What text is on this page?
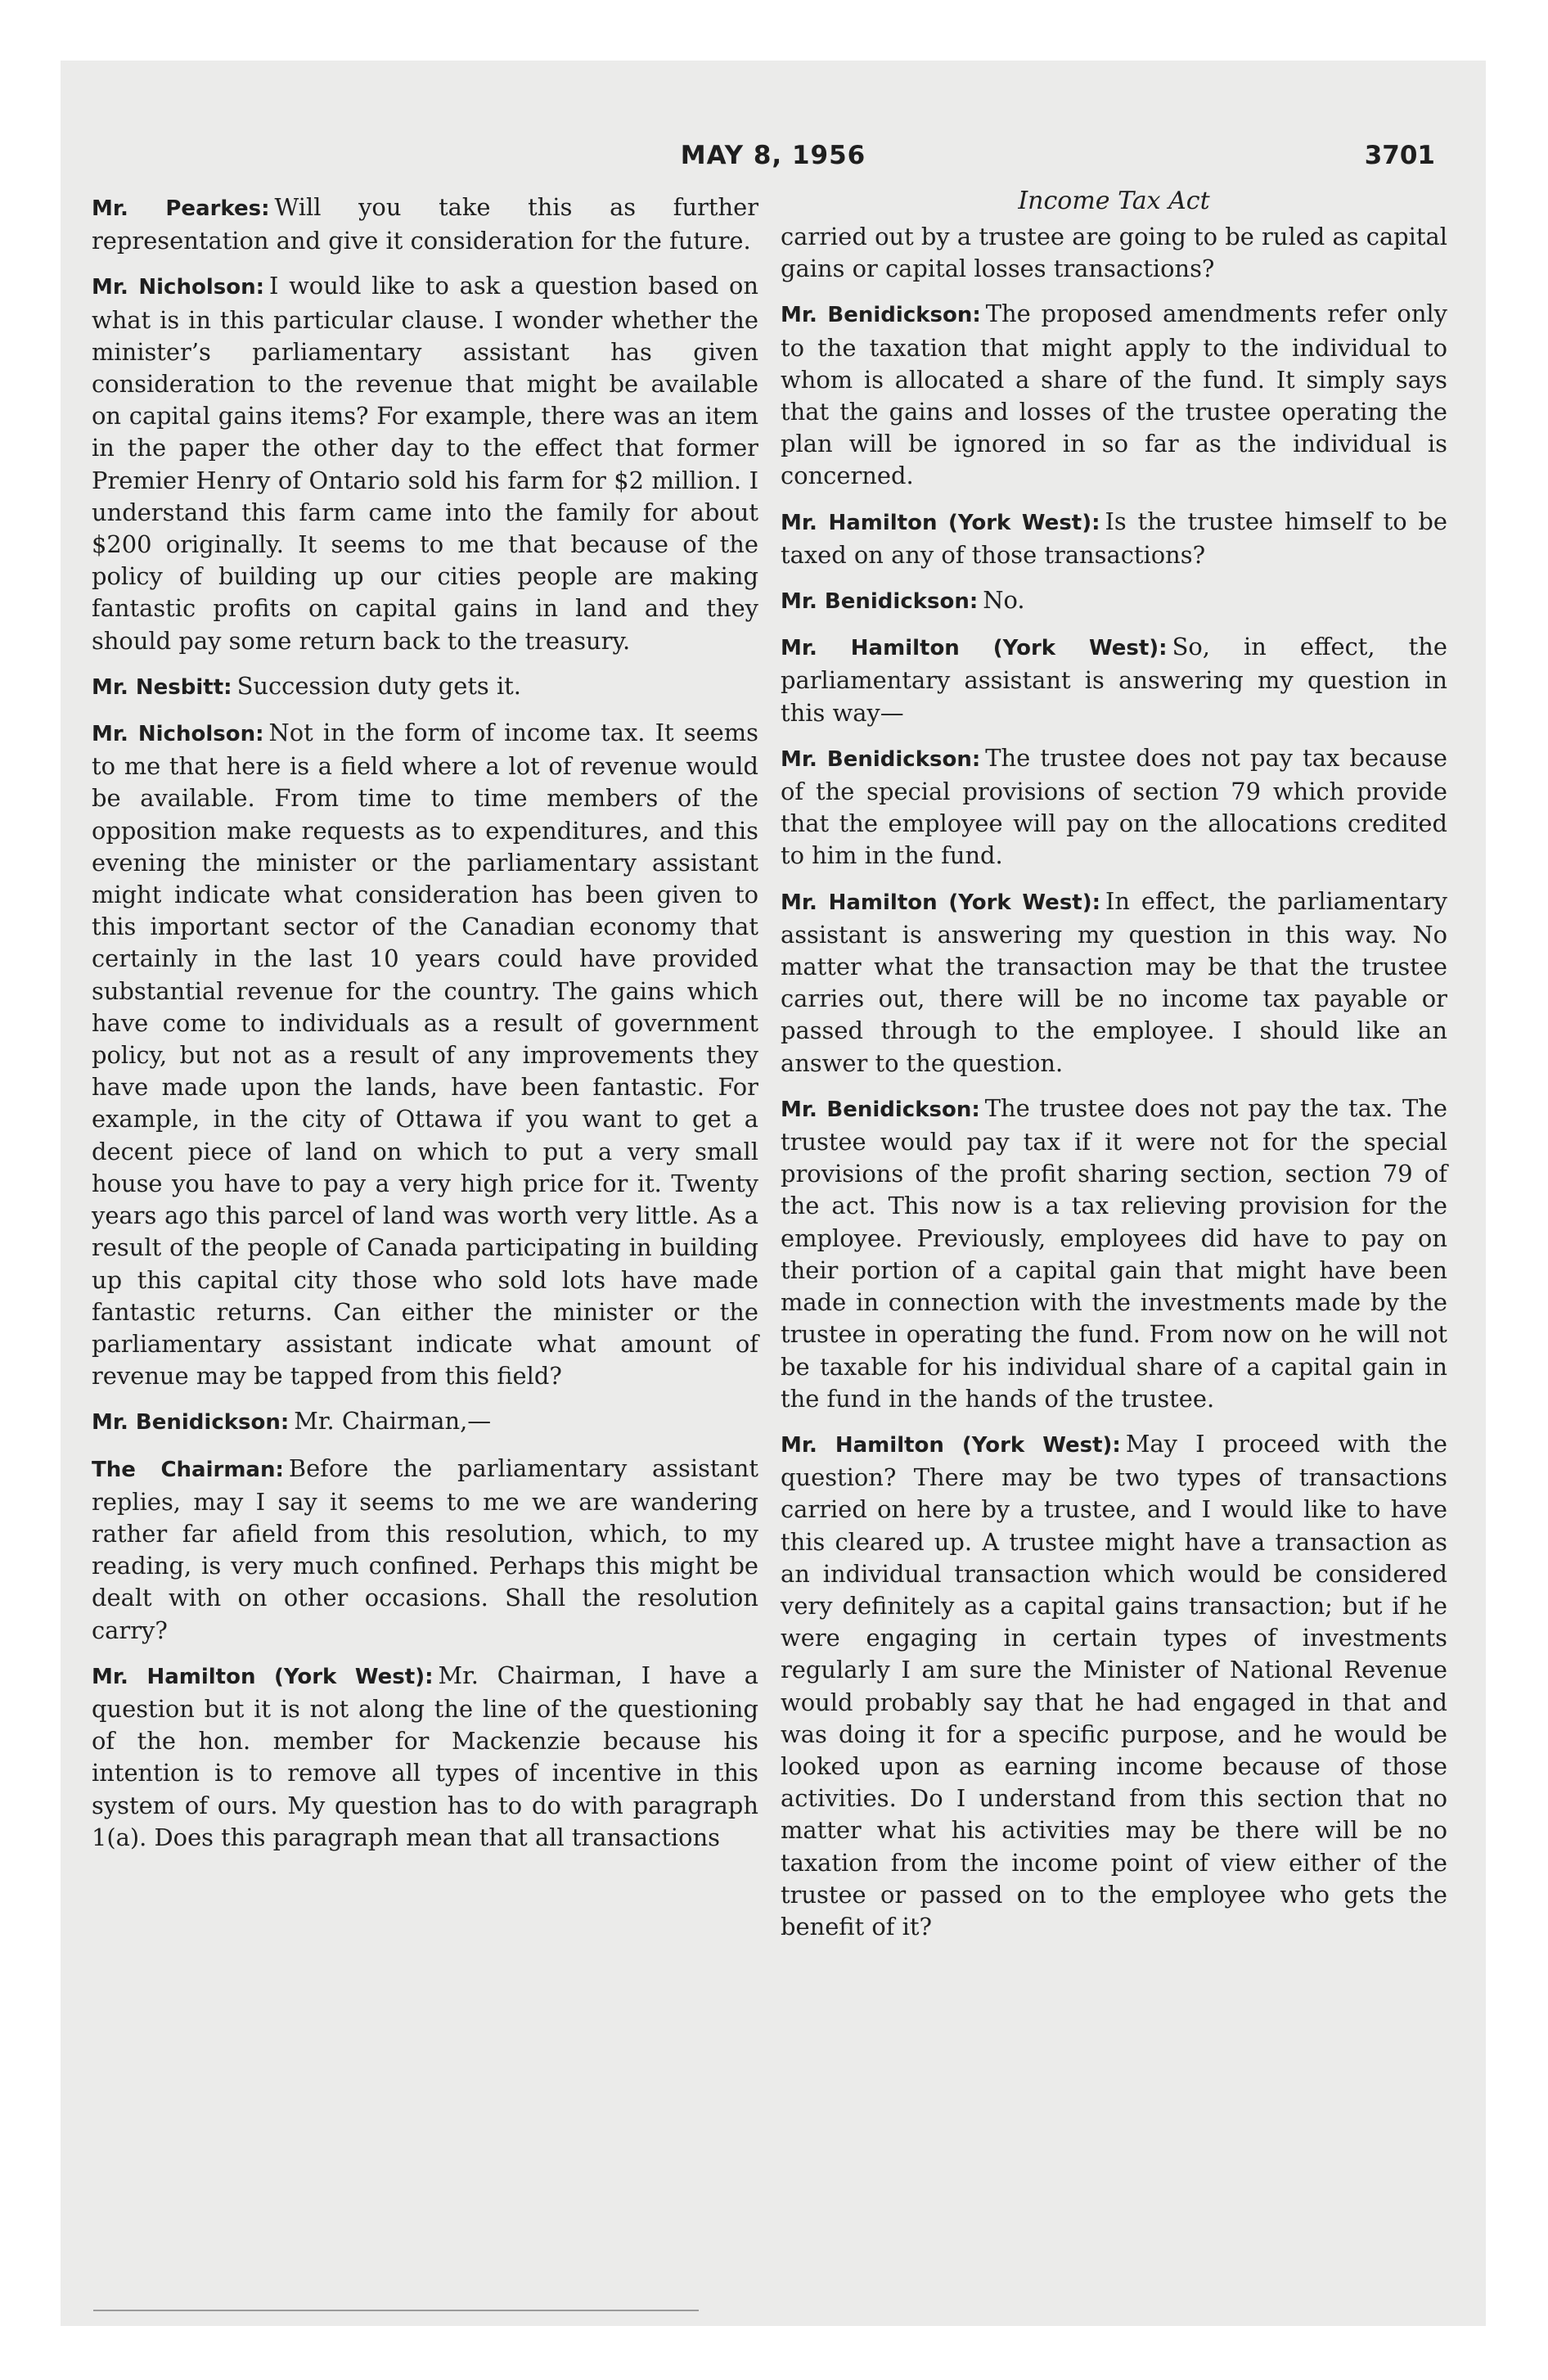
MAY 8, 1956	3701

Mr. Pearkes: Will you take this as further representation and give it consideration for the future.

Mr. Nicholson: I would like to ask a question based on what is in this particular clause. I wonder whether the minister’s parliamentary assistant has given consideration to the revenue that might be available on capital gains items? For example, there was an item in the paper the other day to the effect that former Premier Henry of Ontario sold his farm for $2 million. I understand this farm came into the family for about $200 originally. It seems to me that because of the policy of building up our cities people are making fantastic profits on capital gains in land and they should pay some return back to the treasury.

Mr. Nesbitt: Succession duty gets it.

Mr. Nicholson: Not in the form of income tax. It seems to me that here is a field where a lot of revenue would be available. From time to time members of the opposition make requests as to expenditures, and this evening the minister or the parliamentary assistant might indicate what consideration has been given to this important sector of the Canadian economy that certainly in the last 10 years could have provided substantial revenue for the country. The gains which have come to individuals as a result of government policy, but not as a result of any improvements they have made upon the lands, have been fantastic. For example, in the city of Ottawa if you want to get a decent piece of land on which to put a very small house you have to pay a very high price for it. Twenty years ago this parcel of land was worth very little. As a result of the people of Canada participating in building up this capital city those who sold lots have made fantastic returns. Can either the minister or the parliamentary assistant indicate what amount of revenue may be tapped from this field?

Mr. Benidickson: Mr. Chairman,—

The Chairman: Before the parliamentary assistant replies, may I say it seems to me we are wandering rather far afield from this resolution, which, to my reading, is very much confined. Perhaps this might be dealt with on other occasions. Shall the resolution carry?

Mr. Hamilton (York West): Mr. Chairman, I have a question but it is not along the line of the questioning of the hon. member for Mackenzie because his intention is to remove all types of incentive in this system of ours. My question has to do with paragraph 1(a). Does this paragraph mean that all transactions

Income Tax Act

carried out by a trustee are going to be ruled as capital gains or capital losses transactions?

Mr. Benidickson: The proposed amendments refer only to the taxation that might apply to the individual to whom is allocated a share of the fund. It simply says that the gains and losses of the trustee operating the plan will be ignored in so far as the individual is concerned.

Mr. Hamilton (York West): Is the trustee himself to be taxed on any of those transactions?

Mr. Benidickson: No.

Mr. Hamilton (York West): So, in effect, the parliamentary assistant is answering my question in this way—

Mr. Benidickson: The trustee does not pay tax because of the special provisions of section 79 which provide that the employee will pay on the allocations credited to him in the fund.

Mr. Hamilton (York West): In effect, the parliamentary assistant is answering my question in this way. No matter what the transaction may be that the trustee carries out, there will be no income tax payable or passed through to the employee. I should like an answer to the question.

Mr. Benidickson: The trustee does not pay the tax. The trustee would pay tax if it were not for the special provisions of the profit sharing section, section 79 of the act. This now is a tax relieving provision for the employee. Previously, employees did have to pay on their portion of a capital gain that might have been made in connection with the investments made by the trustee in operating the fund. From now on he will not be taxable for his individual share of a capital gain in the fund in the hands of the trustee.

Mr. Hamilton (York West): May I proceed with the question? There may be two types of transactions carried on here by a trustee, and I would like to have this cleared up. A trustee might have a transaction as an individual transaction which would be considered very definitely as a capital gains transaction; but if he were engaging in certain types of investments regularly I am sure the Minister of National Revenue would probably say that he had engaged in that and was doing it for a specific purpose, and he would be looked upon as earning income because of those activities. Do I understand from this section that no matter what his activities may be there will be no taxation from the income point of view either of the trustee or passed on to the employee who gets the benefit of it?
